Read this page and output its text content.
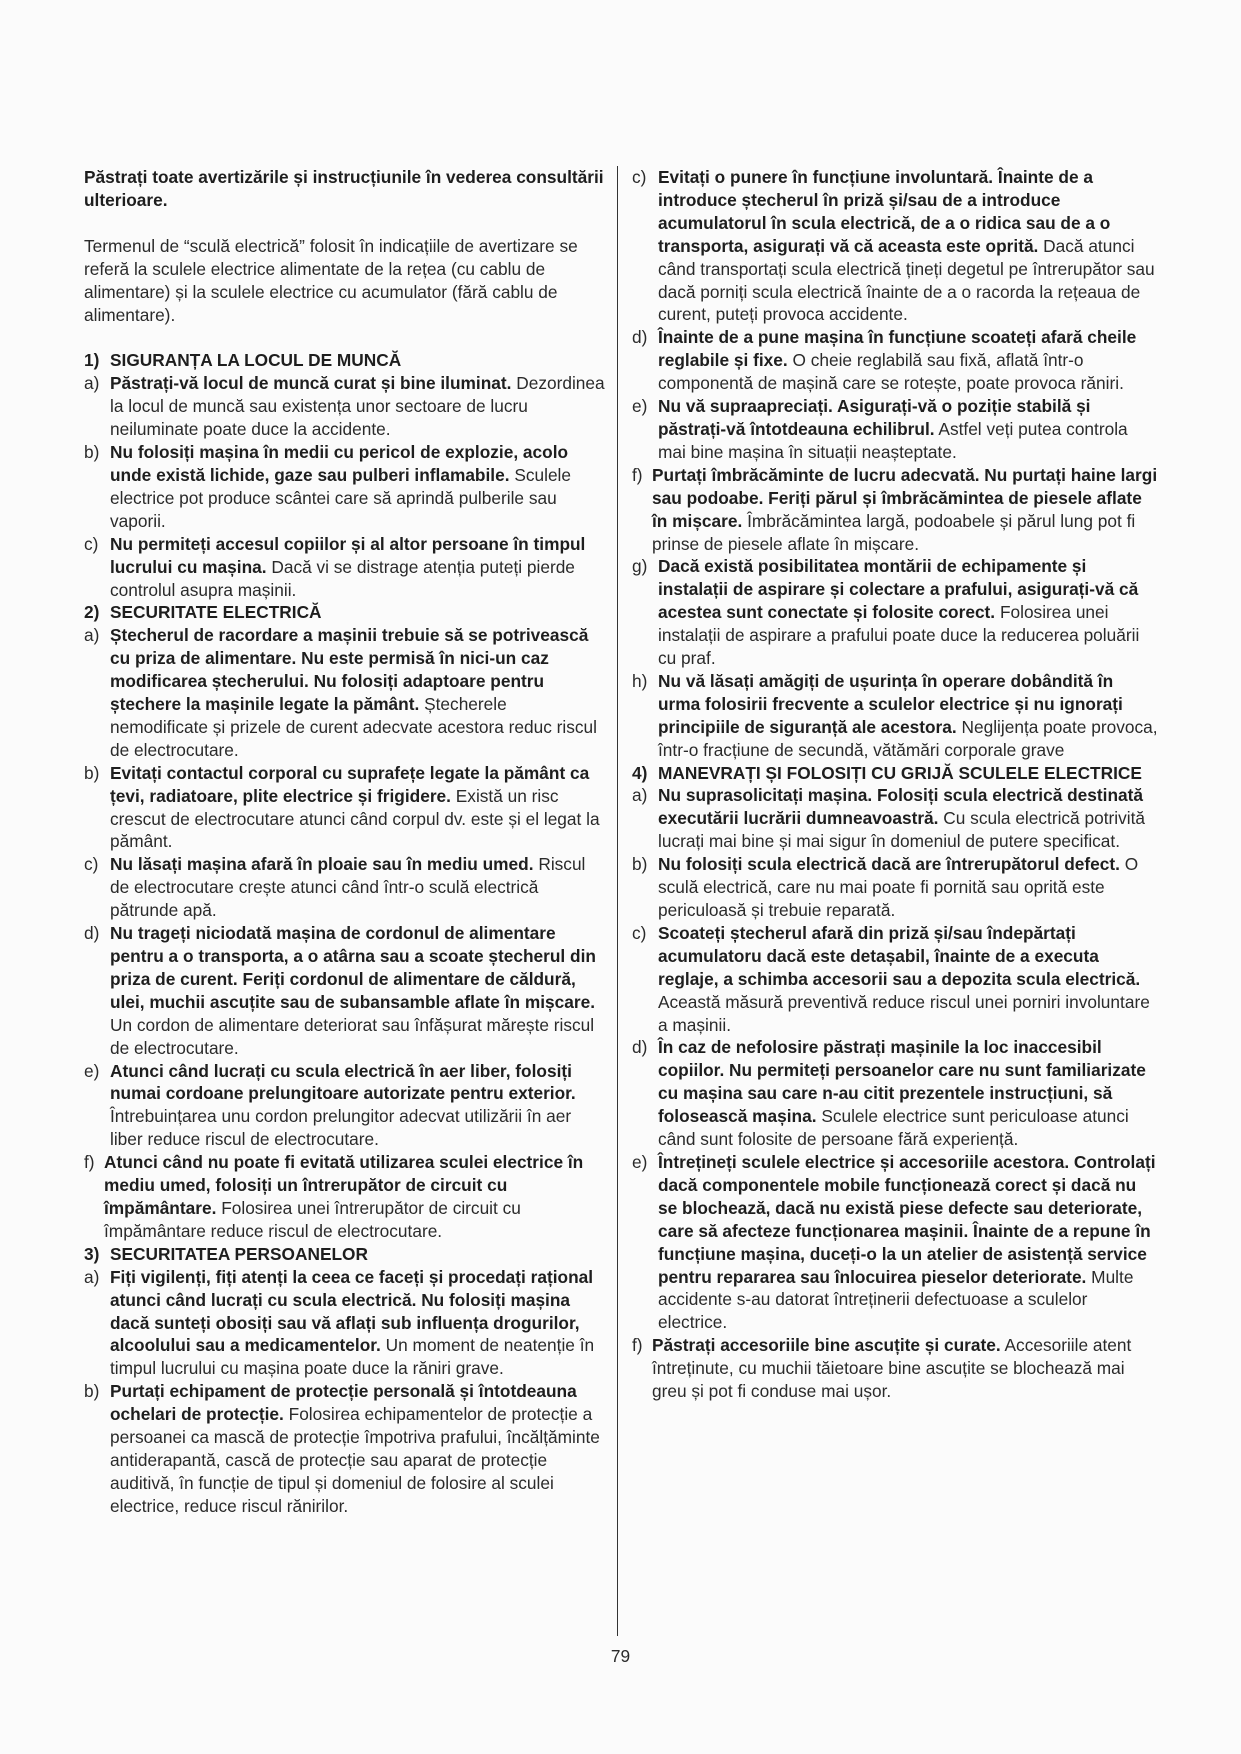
Păstrați toate avertizările și instrucțiunile în vederea consultării ulterioare.

Termenul de “sculă electrică” folosit în indicațiile de avertizare se referă la sculele electrice alimentate de la rețea (cu cablu de alimentare) și la sculele electrice cu acumulator (fără cablu de alimentare).

1) SIGURANȚA LA LOCUL DE MUNCĂ
a) Păstrați-vă locul de muncă curat și bine iluminat. Dezordinea la locul de muncă sau existența unor sectoare de lucru neiluminate poate duce la accidente.
b) Nu folosiți mașina în medii cu pericol de explozie, acolo unde există lichide, gaze sau pulberi inflamabile. Sculele electrice pot produce scântei care să aprindă pulberile sau vaporii.
c) Nu permiteți accesul copiilor și al altor persoane în timpul lucrului cu mașina. Dacă vi se distrage atenția puteți pierde controlul asupra mașinii.
2) SECURITATE ELECTRICĂ
a) Ștecherul de racordare a mașinii trebuie să se potrivească cu priza de alimentare. Nu este permisă în nici-un caz modificarea ștecherului. Nu folosiți adaptoare pentru ștechere la mașinile legate la pământ. Ștecherele nemodificate și prizele de curent adecvate acestora reduc riscul de electrocutare.
b) Evitați contactul corporal cu suprafețe legate la pământ ca țevi, radiatoare, plite electrice și frigidere. Există un risc crescut de electrocutare atunci când corpul dv. este și el legat la pământ.
c) Nu lăsați mașina afară în ploaie sau în mediu umed. Riscul de electrocutare crește atunci când într-o sculă electrică pătrunde apă.
d) Nu trageți niciodată mașina de cordonul de alimentare pentru a o transporta, a o atârna sau a scoate ștecherul din priza de curent. Feriți cordonul de alimentare de căldură, ulei, muchii ascuțite sau de subansamble aflate în mișcare. Un cordon de alimentare deteriorat sau înfășurat mărește riscul de electrocutare.
e) Atunci când lucrați cu scula electrică în aer liber, folosiți numai cordoane prelungitoare autorizate pentru exterior. Întrebuințarea unu cordon prelungitor adecvat utilizării în aer liber reduce riscul de electrocutare.
f) Atunci când nu poate fi evitată utilizarea sculei electrice în mediu umed, folosiți un întrerupător de circuit cu împământare. Folosirea unei întrerupător de circuit cu împământare reduce riscul de electrocutare.
3) SECURITATEA PERSOANELOR
a) Fiți vigilenți, fiți atenți la ceea ce faceți și procedați rațional atunci când lucrați cu scula electrică. Nu folosiți mașina dacă sunteți obosiți sau vă aflați sub influența drogurilor, alcoolului sau a medicamentelor. Un moment de neatenție în timpul lucrului cu mașina poate duce la răniri grave.
b) Purtați echipament de protecție personală și întotdeauna ochelari de protecție. Folosirea echipamentelor de protecție a persoanei ca mască de protecție împotriva prafului, încălțăminte antiderapantă, cască de protecție sau aparat de protecție auditivă, în funcție de tipul și domeniul de folosire al sculei electrice, reduce riscul rănirilor.
c) Evitați o punere în funcțiune involuntară. Înainte de a introduce ștecherul în priză și/sau de a introduce acumulatorul în scula electrică, de a o ridica sau de a o transporta, asigurați vă că aceasta este oprită. Dacă atunci când transportați scula electrică țineți degetul pe întrerupător sau dacă porniți scula electrică înainte de a o racorda la rețeaua de curent, puteți provoca accidente.
d) Înainte de a pune mașina în funcțiune scoateți afară cheile reglabile și fixe. O cheie reglabilă sau fixă, aflată într-o componentă de mașină care se rotește, poate provoca răniri.
e) Nu vă supraapreciați. Asigurați-vă o poziție stabilă și păstrați-vă întotdeauna echilibrul. Astfel veți putea controla mai bine mașina în situații neașteptate.
f) Purtați îmbrăcăminte de lucru adecvată. Nu purtați haine largi sau podoabe. Feriți părul și îmbrăcămintea de piesele aflate în mișcare. Îmbrăcămintea largă, podoabele și părul lung pot fi prinse de piesele aflate în mișcare.
g) Dacă există posibilitatea montării de echipamente și instalații de aspirare și colectare a prafului, asigurați-vă că acestea sunt conectate și folosite corect. Folosirea unei instalații de aspirare a prafului poate duce la reducerea poluării cu praf.
h) Nu vă lăsați amăgiți de ușurința în operare dobândită în urma folosirii frecvente a sculelor electrice și nu ignorați principiile de siguranță ale acestora. Neglijența poate provoca, într-o fracțiune de secundă, vătămări corporale grave
4) MANEVRAȚI ȘI FOLOSIȚI CU GRIJĂ SCULELE ELECTRICE
a) Nu suprasolicitați mașina. Folosiți scula electrică destinată executării lucrării dumneavoastră. Cu scula electrică potrivită lucrați mai bine și mai sigur în domeniul de putere specificat.
b) Nu folosiți scula electrică dacă are întrerupătorul defect. O sculă electrică, care nu mai poate fi pornită sau oprită este periculoasă și trebuie reparată.
c) Scoateți ștecherul afară din priză și/sau îndepărtați acumulatoru dacă este detașabil, înainte de a executa reglaje, a schimba accesorii sau a depozita scula electrică. Această măsură preventivă reduce riscul unei porniri involuntare a mașinii.
d) În caz de nefolosire păstrați mașinile la loc inaccesibil copiilor. Nu permiteți persoanelor care nu sunt familiarizate cu mașina sau care n-au citit prezentele instrucțiuni, să folosească mașina. Sculele electrice sunt periculoase atunci când sunt folosite de persoane fără experiență.
e) Întrețineți sculele electrice și accesoriile acestora. Controlați dacă componentele mobile funcționează corect și dacă nu se blochează, dacă nu există piese defecte sau deteriorate, care să afecteze funcționarea mașinii. Înainte de a repune în funcțiune mașina, duceți-o la un atelier de asistență service pentru repararea sau înlocuirea pieselor deteriorate. Multe accidente s-au datorat întreținerii defectuoase a sculelor electrice.
f) Păstrați accesoriile bine ascuțite și curate. Accesoriile atent întreținute, cu muchii tăietoare bine ascuțite se blochează mai greu și pot fi conduse mai ușor.
79
